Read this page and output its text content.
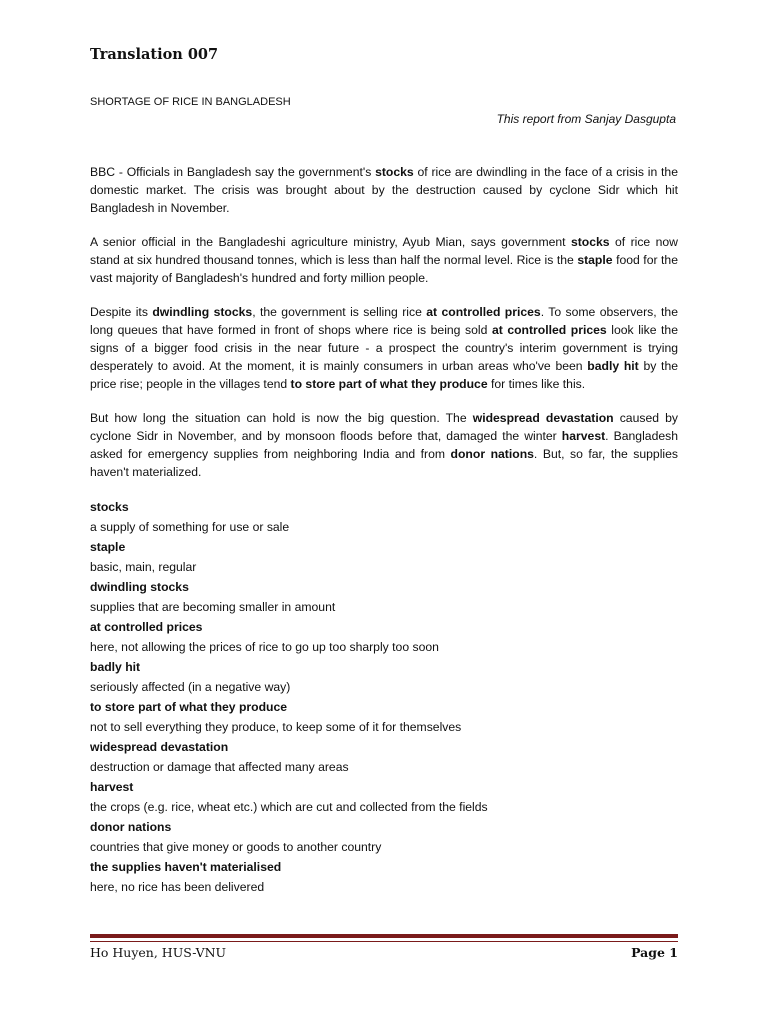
Translation 007
SHORTAGE OF RICE IN BANGLADESH
This report from Sanjay Dasgupta

BBC - Officials in Bangladesh say the government's stocks of rice are dwindling in the face of a crisis in the domestic market. The crisis was brought about by the destruction caused by cyclone Sidr which hit Bangladesh in November.

A senior official in the Bangladeshi agriculture ministry, Ayub Mian, says government stocks of rice now stand at six hundred thousand tonnes, which is less than half the normal level. Rice is the staple food for the vast majority of Bangladesh's hundred and forty million people.

Despite its dwindling stocks, the government is selling rice at controlled prices. To some observers, the long queues that have formed in front of shops where rice is being sold at controlled prices look like the signs of a bigger food crisis in the near future - a prospect the country's interim government is trying desperately to avoid. At the moment, it is mainly consumers in urban areas who've been badly hit by the price rise; people in the villages tend to store part of what they produce for times like this.

But how long the situation can hold is now the big question. The widespread devastation caused by cyclone Sidr in November, and by monsoon floods before that, damaged the winter harvest. Bangladesh asked for emergency supplies from neighboring India and from donor nations. But, so far, the supplies haven't materialized.

stocks
a supply of something for use or sale
staple
basic, main, regular
dwindling stocks
supplies that are becoming smaller in amount
at controlled prices
here, not allowing the prices of rice to go up too sharply too soon
badly hit
seriously affected (in a negative way)
to store part of what they produce
not to sell everything they produce, to keep some of it for themselves
widespread devastation
destruction or damage that affected many areas
harvest
the crops (e.g. rice, wheat etc.) which are cut and collected from the fields
donor nations
countries that give money or goods to another country
the supplies haven't materialised
here, no rice has been delivered
Ho Huyen, HUS-VNU	Page 1
